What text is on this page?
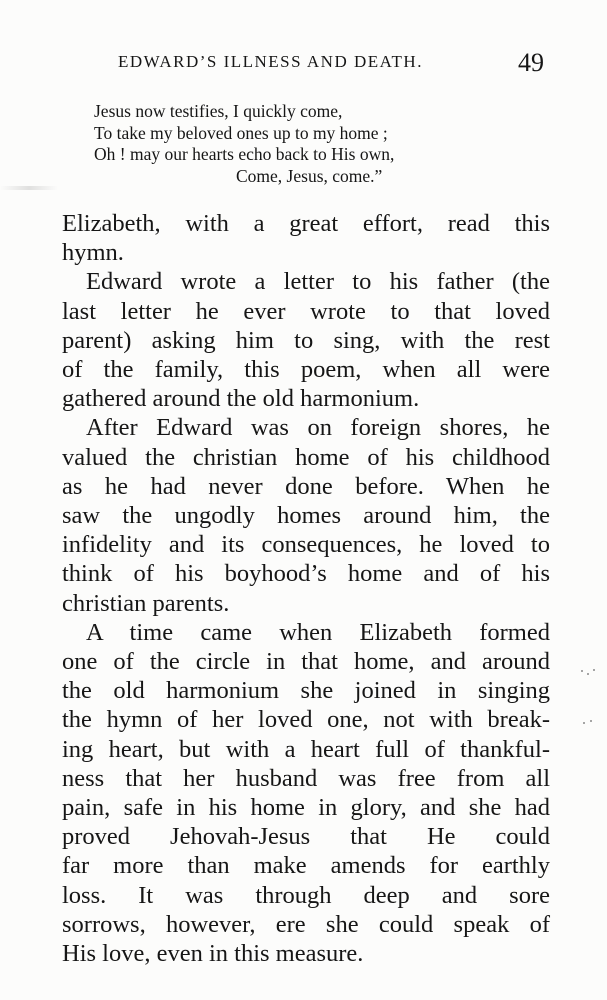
EDWARD’S ILLNESS AND DEATH.	49
Jesus now testifies, I quickly come,
To take my beloved ones up to my home ;
Oh ! may our hearts echo back to His own,
Come, Jesus, come.”
Elizabeth, with a great effort, read this
hymn.
Edward wrote a letter to his father (the
last letter he ever wrote to that loved
parent) asking him to sing, with the rest
of the family, this poem, when all were
gathered around the old harmonium.
After Edward was on foreign shores, he
valued the christian home of his childhood
as he had never done before. When he
saw the ungodly homes around him, the
infidelity and its consequences, he loved to
think of his boyhood’s home and of his
christian parents.
A time came when Elizabeth formed
one of the circle in that home, and around
the old harmonium she joined in singing
the hymn of her loved one, not with break-
ing heart, but with a heart full of thankful-
ness that her husband was free from all
pain, safe in his home in glory, and she had
proved Jehovah-Jesus that He could
far more than make amends for earthly
loss. It was through deep and sore
sorrows, however, ere she could speak of
His love, even in this measure.
